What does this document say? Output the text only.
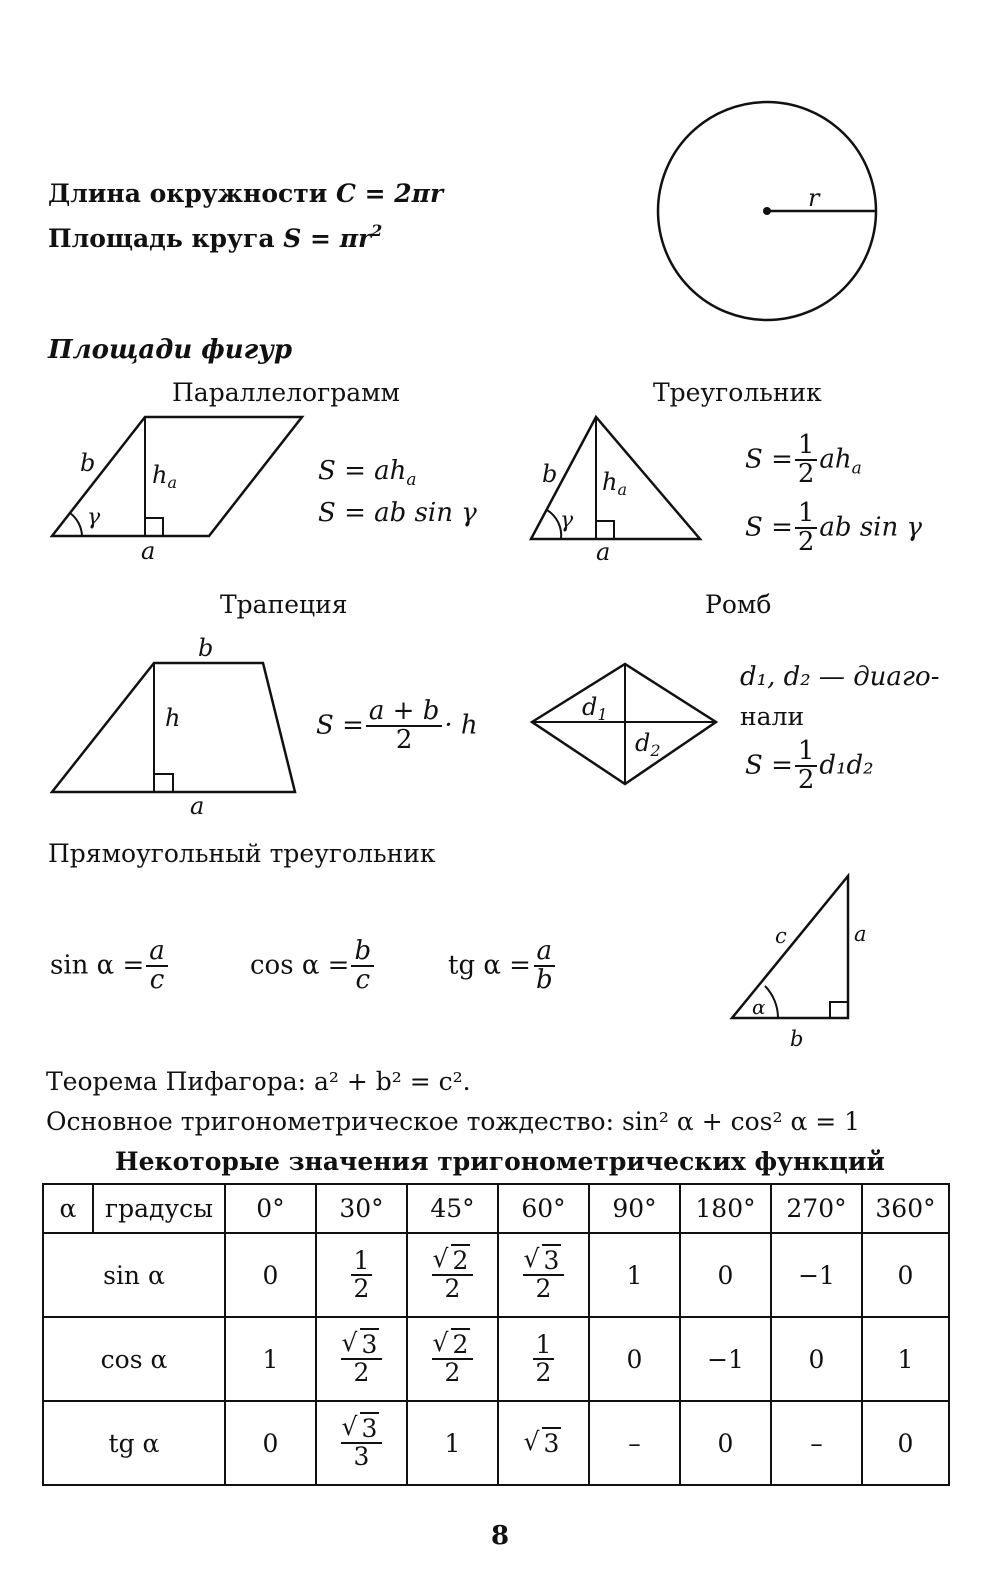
Длина окружности C = 2πr
Площадь круга $S = \pi r^2$
r
Площади фигур
Параллелограмм
b $h_a$
γ
a
$S = ah_a$
S = ab sin γ
Треугольник
b $h_a$
γ
a
$S = \frac{1}{2} ah_a$
$S = \frac{1}{2}$ ab sin γ
Трапеция
b
h
a
$S = \frac{a + b}{2} \cdot h$
Ромб
$d_1$
$d_2$
d₁, d₂ — диаго-
нали
$S = \frac{1}{2} d_1d_2$
Прямоугольный треугольник
$\sin \alpha = \frac{a}{c}$	$\cos \alpha = \frac{b}{c}$	tg $\alpha = \frac{a}{b}$
c	a
α
b
Теорема Пифагора: a² + b² = c².
Основное тригонометрическое тождество: sin² α + cos² α = 1
Некоторые значения тригонометрических функций
α	градусы	0°	30°	45°	60°	90°	180°	270°	360°
sin α		0	$\frac{1}{2}$	√ $\frac{2}{2}$	√ $\frac{3}{2}$	1	0	−1	0
cos α		1	√ $\frac{3}{2}$	√ $\frac{2}{2}$	$\frac{1}{2}$	0	−1	0	1
tg α		0	√ $\frac{3}{3}$	1	√ 3	–	0	–	0
8
